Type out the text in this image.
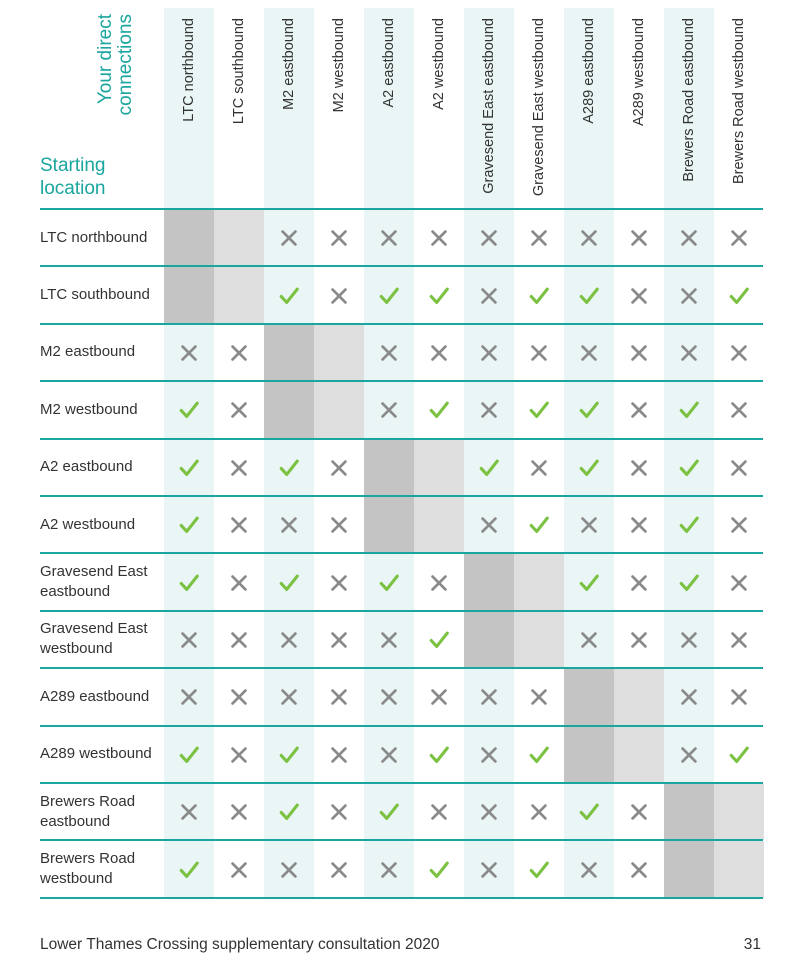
Your direct connections
Starting
location
LTC northbound LTC southbound M2 eastbound M2 westbound A2 eastbound A2 westbound Gravesend East eastbound Gravesend East westbound A289 eastbound A289 westbound Brewers Road eastbound Brewers Road westbound
LTC northbound
LTC southbound
M2 eastbound
M2 westbound
A2 eastbound
A2 westbound
Gravesend East
eastbound
Gravesend East
westbound
A289 eastbound
A289 westbound
Brewers Road
eastbound
Brewers Road
westbound
Lower Thames Crossing supplementary consultation 2020	31
